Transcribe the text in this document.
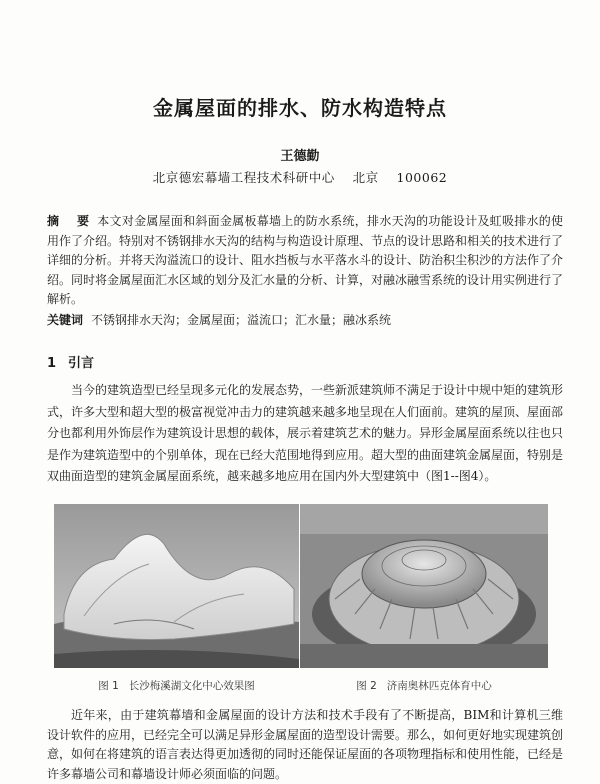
金属屋面的排水、防水构造特点
王德勤
北京德宏幕墙工程技术科研中心    北京    100062
摘    要 本文对金属屋面和斜面金属板幕墙上的防水系统，排水天沟的功能设计及虹吸排水的使用作了介绍。特别对不锈钢排水天沟的结构与构造设计原理、节点的设计思路和相关的技术进行了详细的分析。并将天沟溢流口的设计、阻水挡板与水平落水斗的设计、防治积尘积沙的方法作了介绍。同时将金属屋面汇水区域的划分及汇水量的分析、计算，对融冰融雪系统的设计用实例进行了解析。
关键词 不锈钢排水天沟；金属屋面；溢流口；汇水量；融冰系统
1 引言
当今的建筑造型已经呈现多元化的发展态势，一些新派建筑师不满足于设计中规中矩的建筑形式，许多大型和超大型的极富视觉冲击力的建筑越来越多地呈现在人们面前。建筑的屋顶、屋面部分也都利用外饰层作为建筑设计思想的载体，展示着建筑艺术的魅力。异形金属屋面系统以往也只是作为建筑造型中的个别单体，现在已经大范围地得到应用。超大型的曲面建筑金属屋面，特别是双曲面造型的建筑金属屋面系统，越来越多地应用在国内外大型建筑中（图1--图4）。
图 1 长沙梅溪湖文化中心效果图	图 2 济南奥林匹克体育中心
近年来，由于建筑幕墙和金属屋面的设计方法和技术手段有了不断提高，BIM和计算机三维设计软件的应用，已经完全可以满足异形金属屋面的造型设计需要。那么，如何更好地实现建筑创意，如何在将建筑的语言表达得更加透彻的同时还能保证屋面的各项物理指标和使用性能，已经是许多幕墙公司和幕墙设计师必须面临的问题。
